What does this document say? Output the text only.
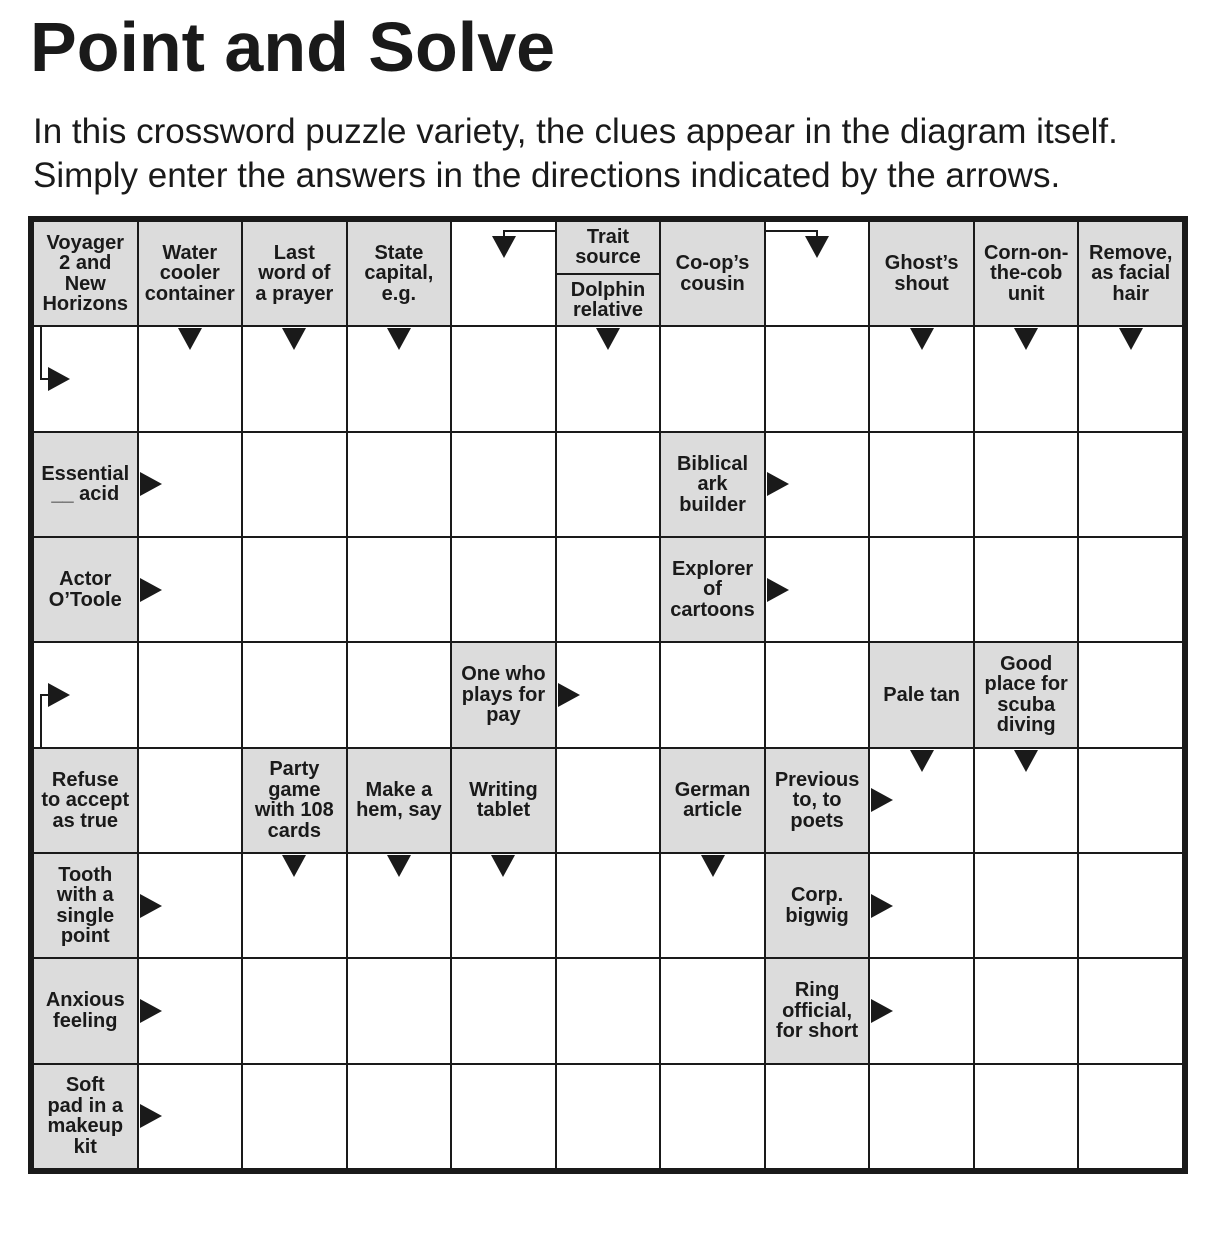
Point and Solve
In this crossword puzzle variety, the clues appear in the diagram itself.
Simply enter the answers in the directions indicated by the arrows.
Voyager
2 and
New
Horizons
Water
cooler
container
Last
word of
a prayer
State
capital,
e.g.
Trait
source
Dolphin
relative
Co-op’s
cousin
Ghost’s
shout
Corn-on-
the-cob
unit
Remove,
as facial
hair
Essential
__ acid
Biblical
ark
builder
Actor
O’Toole
Explorer
of
cartoons
One who
plays for
pay
Pale tan
Good
place for
scuba
diving
Refuse
to accept
as true
Party
game
with 108
cards
Make a
hem, say
Writing
tablet
German
article
Previous
to, to
poets
Tooth
with a
single
point
Corp.
bigwig
Anxious
feeling
Ring
official,
for short
Soft
pad in a
makeup
kit
